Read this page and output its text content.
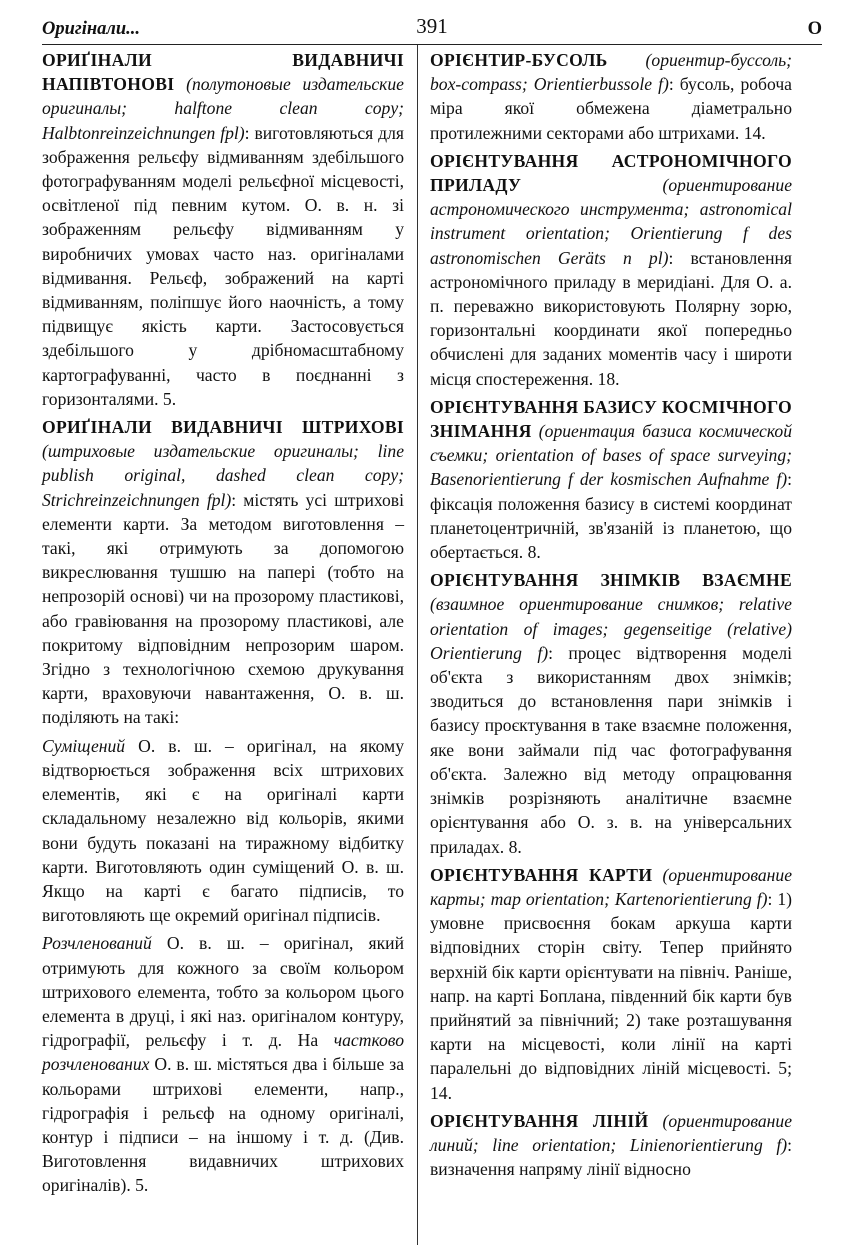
Оригінали...	391	О

ОРИҐІНАЛИ ВИДАВНИЧІ НАПІВТОНОВІ (полутоновые издательские оригиналы; halftone clean copy; Halbtonreinzeichnungen fpl): виготовляються для зображення рельєфу відмиванням здебільшого фотографуванням моделі рельєфної місцевості, освітленої під певним кутом. О. в. н. зі зображенням рельєфу відмиванням у виробничих умовах часто наз. оригіналами відмивання. Рельєф, зображений на карті відмиванням, поліпшує його наочність, а тому підвищує якість карти. Застосовується здебільшого у дрібномасштабному картографуванні, часто в поєднанні з горизонталями. 5.

ОРИҐІНАЛИ ВИДАВНИЧІ ШТРИХОВІ (штриховые издательские оригиналы; line publish original, dashed clean copy; Strichreinzeichnungen fpl): містять усі штрихові елементи карти. За методом виготовлення – такі, які отримують за допомогою викреслювання тушшю на папері (тобто на непрозорій основі) чи на прозорому пластикові, або гравіювання на прозорому пластикові, але покритому відповідним непрозорим шаром. Згідно з технологічною схемою друкування карти, враховуючи навантаження, О. в. ш. поділяють на такі:

Суміщений О. в. ш. – оригінал, на якому відтворюється зображення всіх штрихових елементів, які є на оригіналі карти складальному незалежно від кольорів, якими вони будуть показані на тиражному відбитку карти. Виготовляють один суміщений О. в. ш. Якщо на карті є багато підписів, то виготовляють ще окремий оригінал підписів.

Розчленований О. в. ш. – оригінал, який отримують для кожного за своїм кольором штрихового елемента, тобто за кольором цього елемента в друці, і які наз. оригіналом контуру, гідрографії, рельєфу і т. д. На частково розчленованих О. в. ш. містяться два і більше за кольорами штрихові елементи, напр., гідрографія і рельєф на одному оригіналі, контур і підписи – на іншому і т. д. (Див. Виготовлення видавничих штрихових оригіналів). 5.

ОРІЄНТИР-БУСОЛЬ (ориентир-буссоль; box-compass; Orientierbussole f): бусоль, робоча міра якої обмежена діаметрально протилежними секторами або штрихами. 14.

ОРІЄНТУВАННЯ АСТРОНОМІЧНОГО ПРИЛАДУ	(ориентирование астрономического инструмента; astronomical instrument orientation; Orientierung f des astronomischen Geräts n pl): встановлення астрономічного приладу в меридіані. Для О. а. п. переважно використовують Полярну зорю, горизонтальні координати якої попередньо обчислені для заданих моментів часу і широти місця спостереження. 18.

ОРІЄНТУВАННЯ БАЗИСУ КОСМІЧНОГО ЗНІМАННЯ (ориентация базиса космической съемки; orientation of bases of space surveying; Basenorientierung f der kosmischen Aufnahme f): фіксація положення базису в системі координат планетоцентричній, зв'язаній із планетою, що обертається. 8.

ОРІЄНТУВАННЯ ЗНІМКІВ ВЗАЄМНЕ (взаимное ориентирование снимков; relative orientation of images; gegenseitige (relative) Orientierung f): процес відтворення моделі об'єкта з використанням двох знімків; зводиться до встановлення пари знімків і базису проєктування в таке взаємне положення, яке вони займали під час фотографування об'єкта. Залежно від методу опрацювання знімків розрізняють аналітичне взаємне орієнтування або О. з. в. на універсальних приладах. 8.

ОРІЄНТУВАННЯ КАРТИ (ориентирование карты; map orientation; Kartenorientierung f): 1) умовне присвоєння бокам аркуша карти відповідних сторін світу. Тепер прийнято верхній бік карти орієнтувати на північ. Раніше, напр. на карті Боплана, південний бік карти був прийнятий за північний; 2) таке розташування карти на місцевості, коли лінії на карті паралельні до відповідних ліній місцевості. 5; 14.

ОРІЄНТУВАННЯ ЛІНІЙ (ориентирование линий; line orientation; Linienorientierung f): визначення напряму лінії відносно
